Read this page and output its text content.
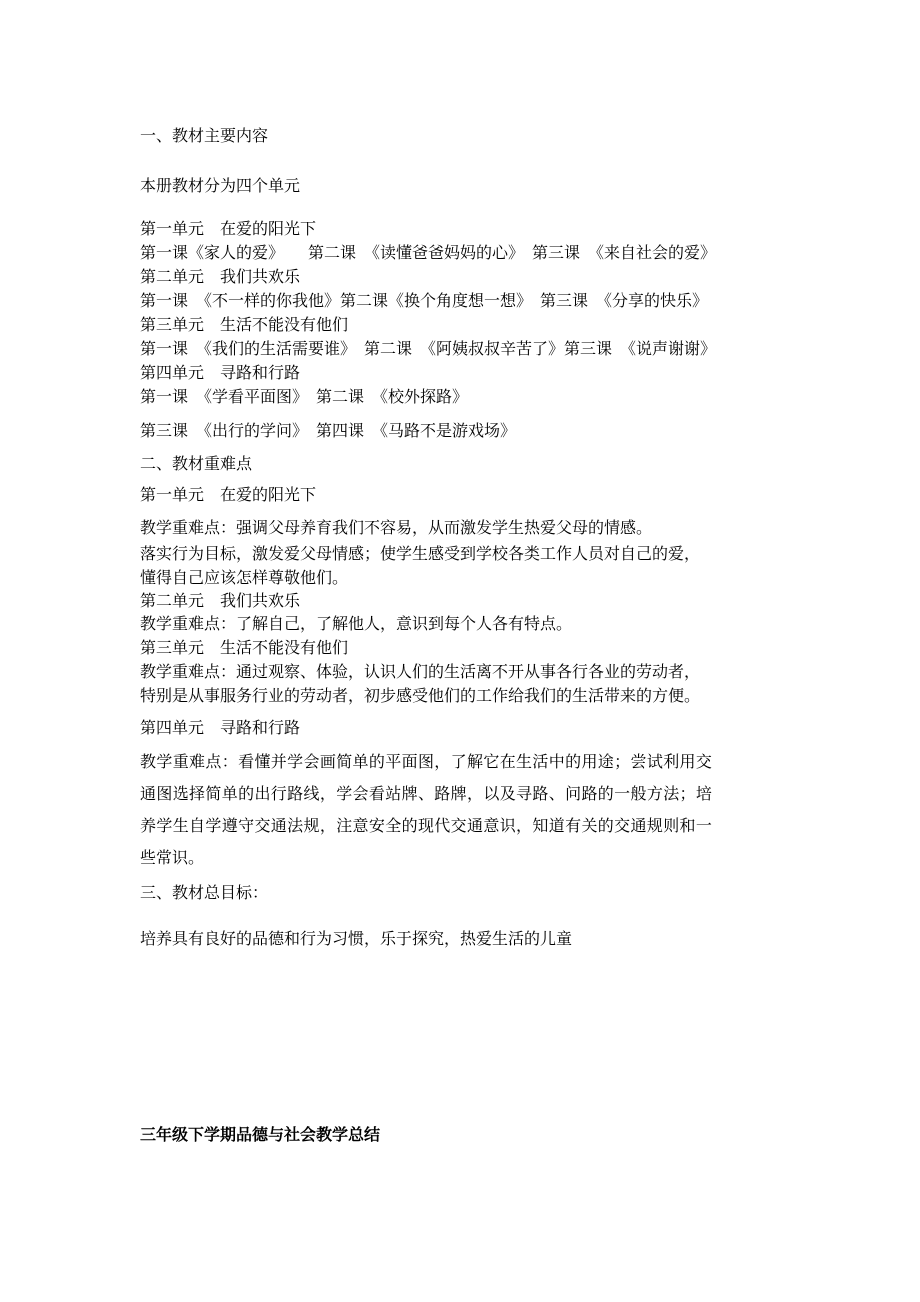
一、教材主要内容

本册教材分为四个单元

第一单元　在爱的阳光下

第一课《家人的爱》　　第二课　《读懂爸爸妈妈的心》　第三课　《来自社会的爱》

第二单元　我们共欢乐

第一课　《不一样的你我他》第二课《换个角度想一想》　第三课　《分享的快乐》

第三单元　生活不能没有他们

第一课　《我们的生活需要谁》　第二课　《阿姨叔叔辛苦了》第三课　《说声谢谢》

第四单元　寻路和行路

第一课　《学看平面图》　第二课　《校外探路》

第三课　《出行的学问》　第四课　《马路不是游戏场》

二、教材重难点

第一单元　在爱的阳光下

教学重难点：强调父母养育我们不容易，从而激发学生热爱父母的情感。

落实行为目标，激发爱父母情感；使学生感受到学校各类工作人员对自己的爱，

懂得自己应该怎样尊敬他们。

第二单元　我们共欢乐

教学重难点：了解自己，了解他人，意识到每个人各有特点。

第三单元　生活不能没有他们

教学重难点：通过观察、体验，认识人们的生活离不开从事各行各业的劳动者，

特别是从事服务行业的劳动者，初步感受他们的工作给我们的生活带来的方便。

第四单元　寻路和行路

教学重难点：看懂并学会画简单的平面图，了解它在生活中的用途；尝试利用交

通图选择简单的出行路线，学会看站牌、路牌，以及寻路、问路的一般方法；培

养学生自学遵守交通法规，注意安全的现代交通意识，知道有关的交通规则和一

些常识。

三、教材总目标：

培养具有良好的品德和行为习惯，乐于探究，热爱生活的儿童

三年级下学期品德与社会教学总结
